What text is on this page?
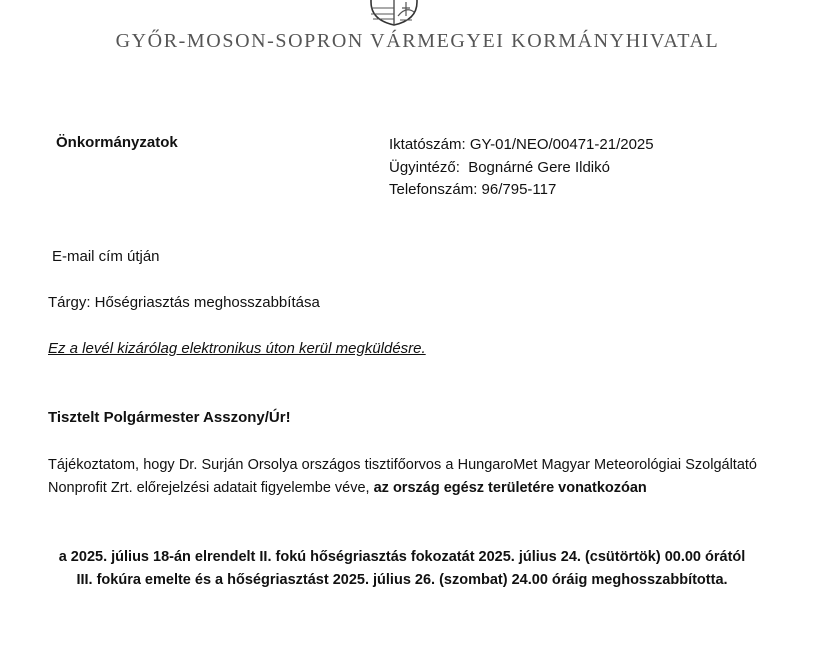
GYŐR-MOSON-SOPRON VÁRMEGYEI KORMÁNYHIVATAL
Önkormányzatok	Iktatószám: GY-01/NEO/00471-21/2025
Ügyintéző:  Bognárné Gere Ildikó
Telefonszám: 96/795-117
E-mail cím útján
Tárgy: Hőségriasztás meghosszabbítása
Ez a levél kizárólag elektronikus úton kerül megküldésre.
Tisztelt Polgármester Asszony/Úr!
Tájékoztatom, hogy Dr. Surján Orsolya országos tisztifőorvos a HungaroMet Magyar Meteorológiai Szolgáltató Nonprofit Zrt. előrejelzési adatait figyelembe véve, az ország egész területére vonatkozóan
a 2025. július 18-án elrendelt II. fokú hőségriasztás fokozatát 2025. július 24. (csütörtök) 00.00 órától III. fokúra emelte és a hőségriasztást 2025. július 26. (szombat) 24.00 óráig meghosszabbította.
